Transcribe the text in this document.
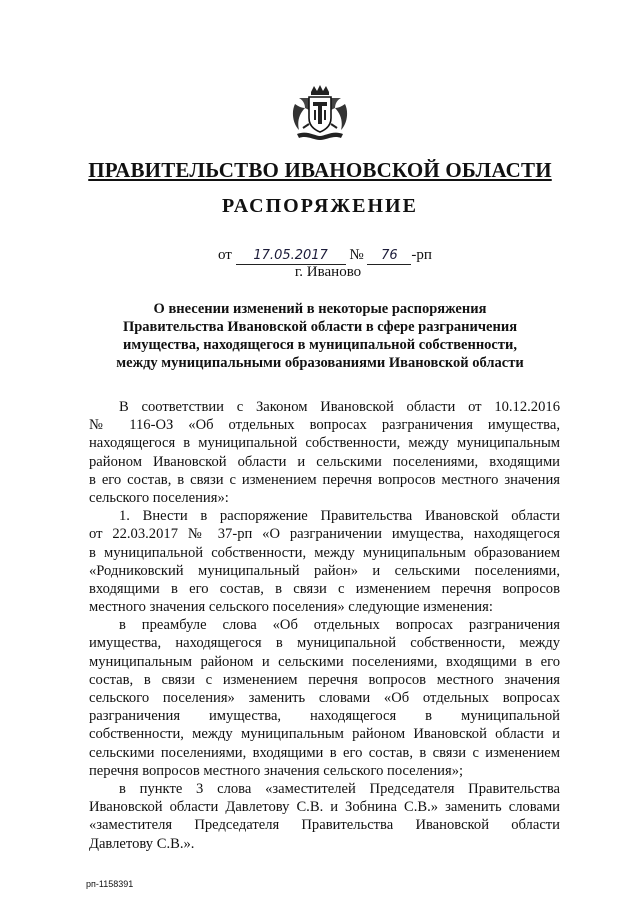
ПРАВИТЕЛЬСТВО ИВАНОВСКОЙ ОБЛАСТИ
РАСПОРЯЖЕНИЕ
от 17.05.2017 № 76 -рп
г. Иваново
О внесении изменений в некоторые распоряжения
Правительства Ивановской области в сфере разграничения
имущества, находящегося в муниципальной собственности,
между муниципальными образованиями Ивановской области
В соответствии с Законом Ивановской области от 10.12.2016
№ 116-ОЗ «Об отдельных вопросах разграничения имущества,
находящегося в муниципальной собственности, между муниципальным
районом Ивановской области и сельскими поселениями, входящими
в его состав, в связи с изменением перечня вопросов местного значения
сельского поселения»:
1. Внести в распоряжение Правительства Ивановской области
от 22.03.2017 № 37-рп «О разграничении имущества, находящегося
в муниципальной собственности, между муниципальным образованием
«Родниковский муниципальный район» и сельскими поселениями,
входящими в его состав, в связи с изменением перечня вопросов
местного значения сельского поселения» следующие изменения:
в преамбуле слова «Об отдельных вопросах разграничения
имущества, находящегося в муниципальной собственности, между
муниципальным районом и сельскими поселениями, входящими в его
состав, в связи с изменением перечня вопросов местного значения
сельского поселения» заменить словами «Об отдельных вопросах
разграничения имущества, находящегося в муниципальной
собственности, между муниципальным районом Ивановской области и
сельскими поселениями, входящими в его состав, в связи с изменением
перечня вопросов местного значения сельского поселения»;
в пункте 3 слова «заместителей Председателя Правительства
Ивановской области Давлетову С.В. и Зобнина С.В.» заменить словами
«заместителя Председателя Правительства Ивановской области
Давлетову С.В.».
рп-1158391
